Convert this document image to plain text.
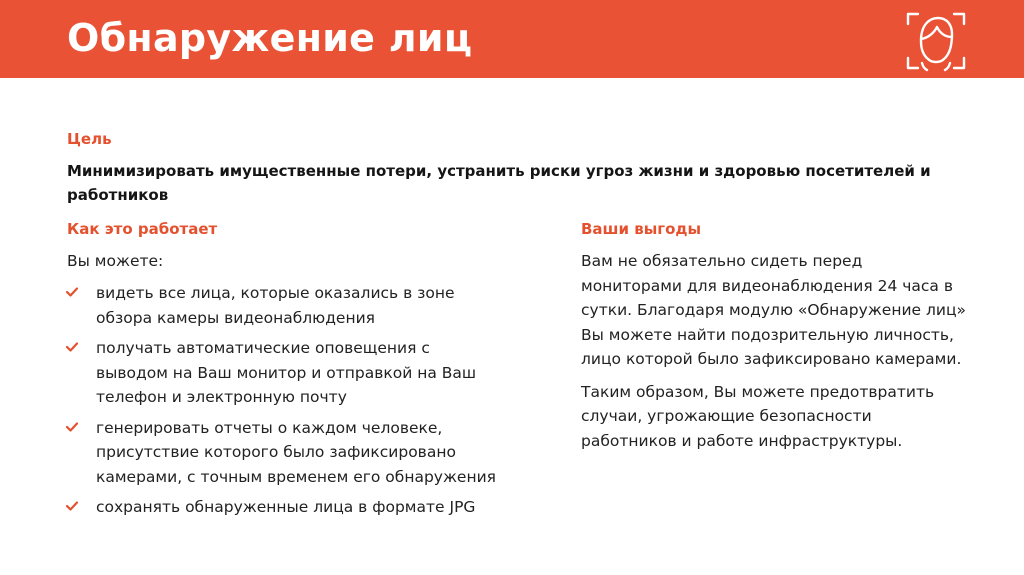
Обнаружение лиц
Цель

Минимизировать имущественные потери, устранить риски угроз жизни и здоровью посетителей и работников

Как это работает

Вы можете:

видеть все лица, которые оказались в зоне обзора камеры видеонаблюдения
получать автоматические оповещения с выводом на Ваш монитор и отправкой на Ваш телефон и электронную почту
генерировать отчеты о каждом человеке, присутствие которого было зафиксировано камерами, с точным временем его обнаружения
сохранять обнаруженные лица в формате JPG
Ваши выгоды

Вам не обязательно сидеть перед мониторами для видеонаблюдения 24 часа в сутки. Благодаря модулю «Обнаружение лиц» Вы можете найти подозрительную личность, лицо которой было зафиксировано камерами.

Таким образом, Вы можете предотвратить случаи, угрожающие безопасности работников и работе инфраструктуры.
